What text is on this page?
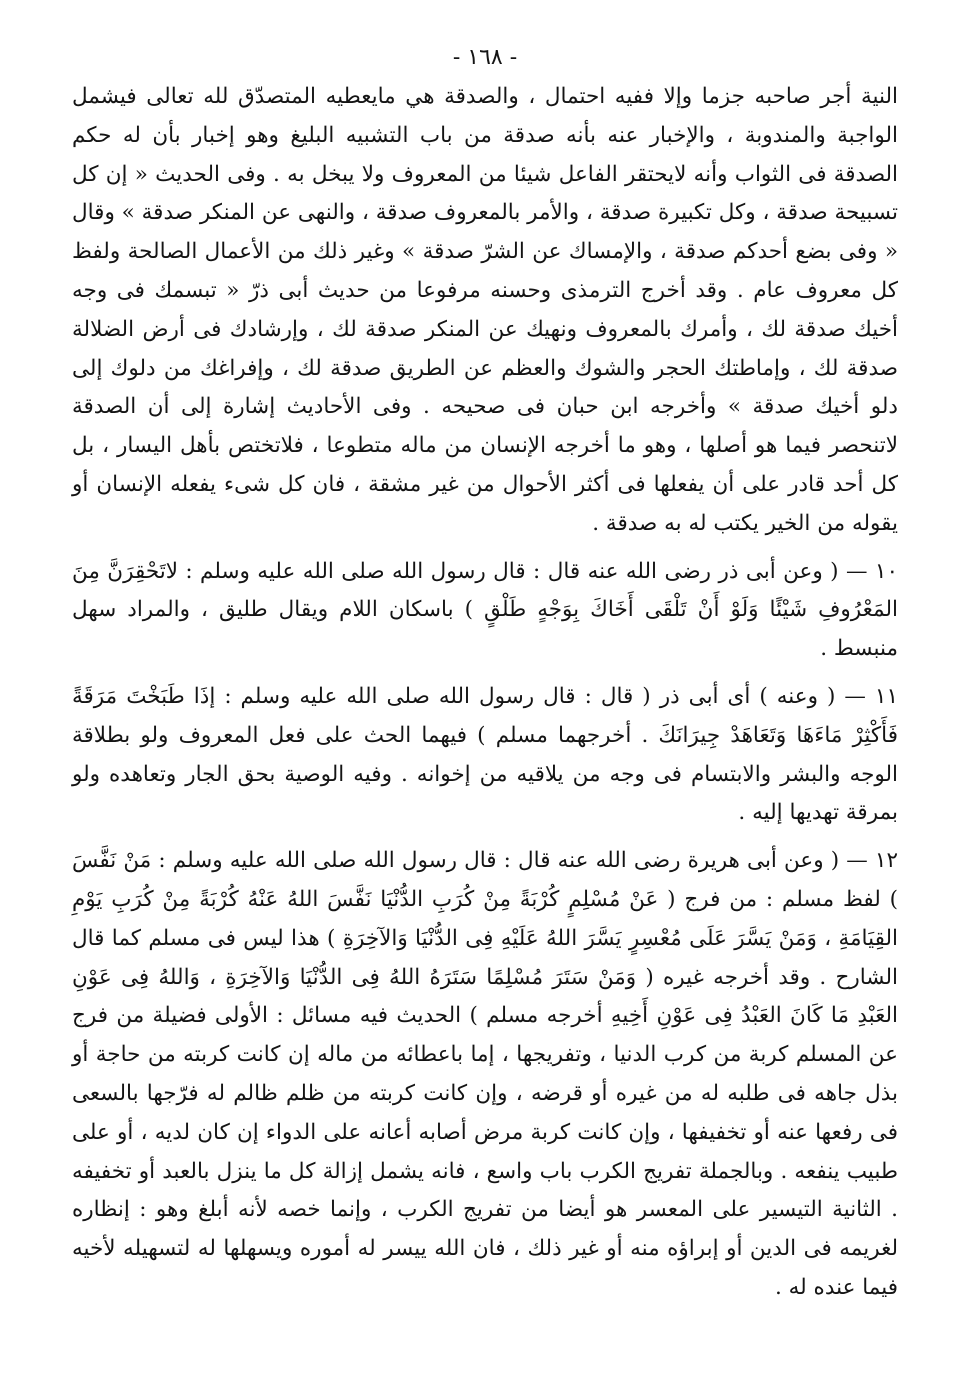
- ١٦٨ -

النية أجر صاحبه جزما وإلا ففيه احتمال ، والصدقة هي مايعطيه المتصدّق لله تعالى فيشمل الواجبة والمندوبة ، والإخبار عنه بأنه صدقة من باب التشبيه البليغ وهو إخبار بأن له حكم الصدقة فى الثواب وأنه لايحتقر الفاعل شيئا من المعروف ولا يبخل به . وفى الحديث « إن كل تسبيحة صدقة ، وكل تكبيرة صدقة ، والأمر بالمعروف صدقة ، والنهى عن المنكر صدقة » وقال « وفى بضع أحدكم صدقة ، والإمساك عن الشرّ صدقة » وغير ذلك من الأعمال الصالحة ولفظ كل معروف عام . وقد أخرج الترمذى وحسنه مرفوعا من حديث أبى ذرّ « تبسمك فى وجه أخيك صدقة لك ، وأمرك بالمعروف ونهيك عن المنكر صدقة لك ، وإرشادك فى أرض الضلالة صدقة لك ، وإماطتك الحجر والشوك والعظم عن الطريق صدقة لك ، وإفراغك من دلوك إلى دلو أخيك صدقة » وأخرجه ابن حبان فى صحيحه . وفى الأحاديث إشارة إلى أن الصدقة لاتنحصر فيما هو أصلها ، وهو ما أخرجه الإنسان من ماله متطوعا ، فلاتختص بأهل اليسار ، بل كل أحد قادر على أن يفعلها فى أكثر الأحوال من غير مشقة ، فان كل شىء يفعله الإنسان أو يقوله من الخير يكتب له به صدقة .

١٠ — ( وعن أبى ذر رضى الله عنه قال : قال رسول الله صلى الله عليه وسلم : لاتَحْقِرَنَّ مِنَ المَعْرُوفِ شَيْئًا وَلَوْ أَنْ تَلْقَى أَخَاكَ بِوَجْهٍ طَلْقٍ ) باسكان اللام ويقال طليق ، والمراد سهل منبسط .

١١ — ( وعنه ) أى أبى ذر ( قال : قال رسول الله صلى الله عليه وسلم : إذَا طَبَخْتَ مَرَقَةً فَأَكْثِرْ مَاءَهَا وَتَعَاهَدْ جِيرَانَكَ . أخرجهما مسلم ) فيهما الحث على فعل المعروف ولو بطلاقة الوجه والبشر والابتسام فى وجه من يلاقيه من إخوانه . وفيه الوصية بحق الجار وتعاهده ولو بمرقة تهديها إليه .

١٢ — ( وعن أبى هريرة رضى الله عنه قال : قال رسول الله صلى الله عليه وسلم : مَنْ نَفَّسَ ) لفظ مسلم : من فرج ( عَنْ مُسْلِمٍ كُرْبَةً مِنْ كُرَبِ الدُّنْيَا نَفَّسَ اللهُ عَنْهُ كُرْبَةً مِنْ كُرَبِ يَوْمِ القِيَامَةِ ، وَمَنْ يَسَّرَ عَلَى مُعْسِرٍ يَسَّرَ اللهُ عَلَيْهِ فِى الدُّنْيَا وَالآخِرَةِ ) هذا ليس فى مسلم كما قال الشارح . وقد أخرجه غيره ( وَمَنْ سَتَرَ مُسْلِمًا سَتَرَهُ اللهُ فِى الدُّنْيَا وَالآخِرَةِ ، وَاللهُ فِى عَوْنِ العَبْدِ مَا كَانَ العَبْدُ فِى عَوْنِ أَخِيهِ أخرجه مسلم ) الحديث فيه مسائل : الأولى فضيلة من فرج عن المسلم كربة من كرب الدنيا ، وتفريجها ، إما باعطائه من ماله إن كانت كربته من حاجة أو بذل جاهه فى طلبه له من غيره أو قرضه ، وإن كانت كربته من ظلم ظالم له فرّجها بالسعى فى رفعها عنه أو تخفيفها ، وإن كانت كربة مرض أصابه أعانه على الدواء إن كان لديه ، أو على طبيب ينفعه . وبالجملة تفريج الكرب باب واسع ، فانه يشمل إزالة كل ما ينزل بالعبد أو تخفيفه . الثانية التيسير على المعسر هو أيضا من تفريج الكرب ، وإنما خصه لأنه أبلغ وهو : إنظاره لغريمه فى الدين أو إبراؤه منه أو غير ذلك ، فان الله ييسر له أموره ويسهلها له لتسهيله لأخيه فيما عنده له .
